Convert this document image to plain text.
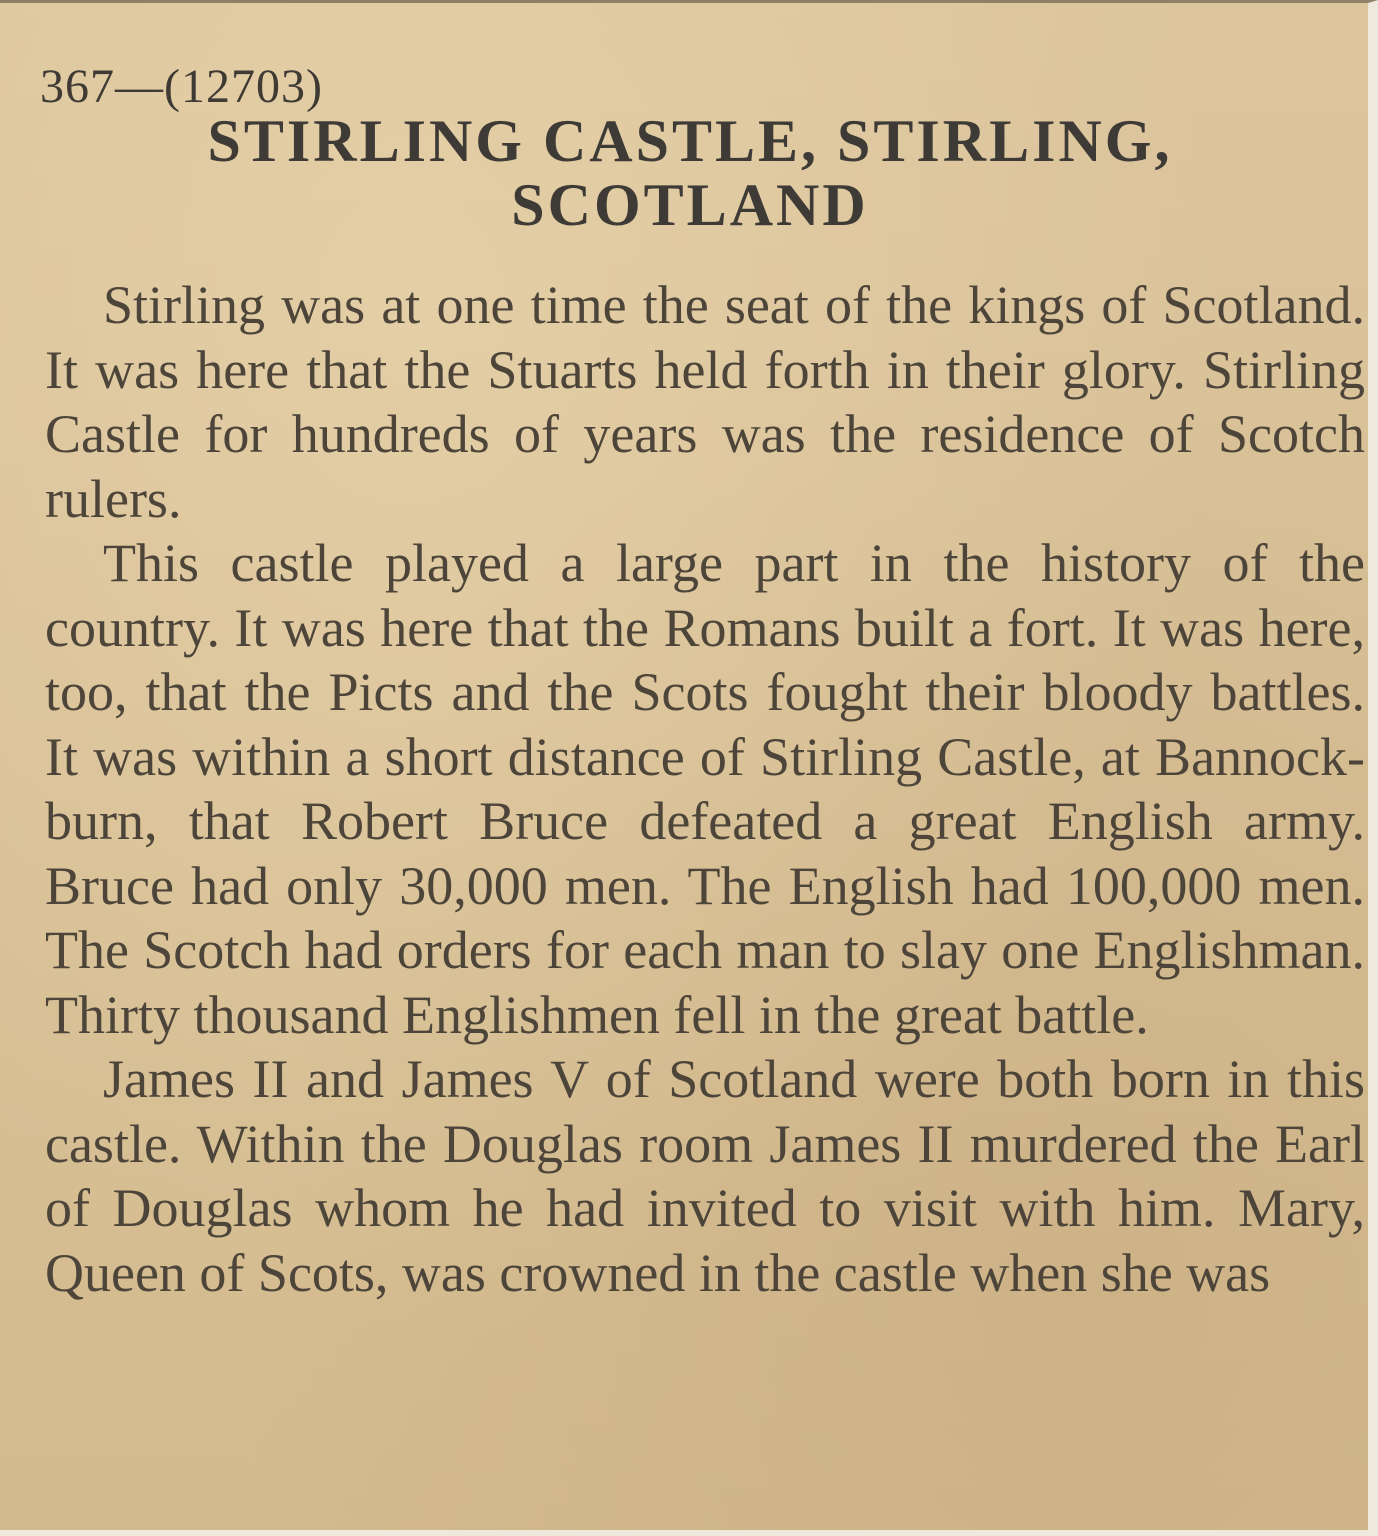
367—(12703)
STIRLING CASTLE, STIRLING,
SCOTLAND

Stirling was at one time the seat of the kings of Scotland. It was here that the Stuarts held forth in their glory. Stirling Castle for hundreds of years was the residence of Scotch rulers.

This castle played a large part in the history of the country. It was here that the Romans built a fort. It was here, too, that the Picts and the Scots fought their bloody battles. It was within a short distance of Stirling Castle, at Bannock-burn, that Robert Bruce defeated a great English army. Bruce had only 30,000 men. The English had 100,000 men. The Scotch had orders for each man to slay one Englishman. Thirty thousand Englishmen fell in the great battle.

James II and James V of Scotland were both born in this castle. Within the Douglas room James II murdered the Earl of Douglas whom he had invited to visit with him. Mary, Queen of Scots, was crowned in the castle when she was
